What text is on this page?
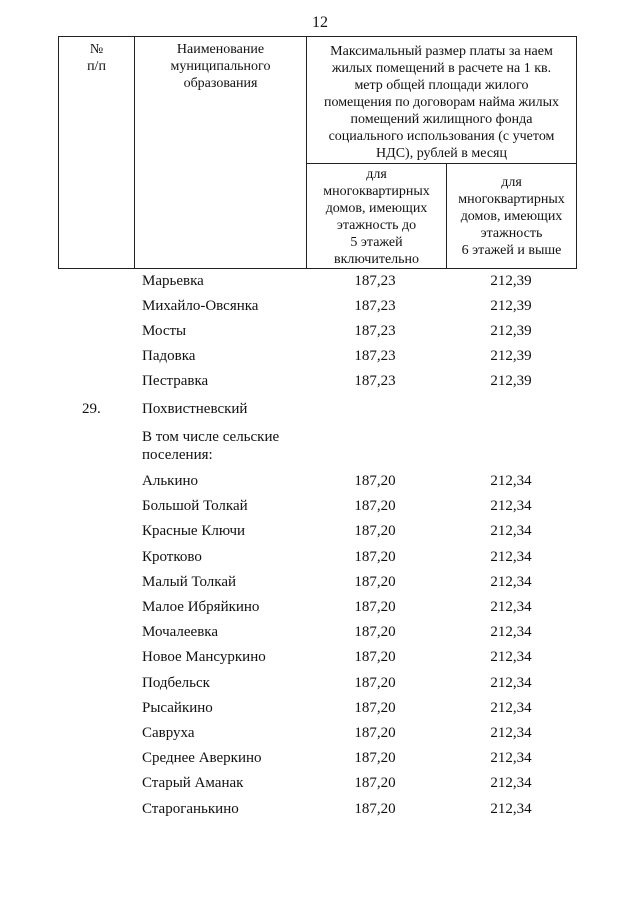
12
№
п/п
Наименование
муниципального
образования
Максимальный размер платы за наем
жилых помещений в расчете на 1 кв.
метр общей площади жилого
помещения по договорам найма жилых
помещений жилищного фонда
социального использования (с учетом
НДС), рублей в месяц
для
многоквартирных
домов, имеющих
этажность до
5 этажей
включительно
для
многоквартирных
домов, имеющих
этажность
6 этажей и выше
Марьевка	187,23	212,39
Михайло-Овсянка	187,23	212,39
Мосты	187,23	212,39
Падовка	187,23	212,39
Пестравка	187,23	212,39
29.	Похвистневский
В том числе сельские
поселения:
Алькино	187,20	212,34
Большой Толкай	187,20	212,34
Красные Ключи	187,20	212,34
Кротково	187,20	212,34
Малый Толкай	187,20	212,34
Малое Ибряйкино	187,20	212,34
Мочалеевка	187,20	212,34
Новое Мансуркино	187,20	212,34
Подбельск	187,20	212,34
Рысайкино	187,20	212,34
Савруха	187,20	212,34
Среднее Аверкино	187,20	212,34
Старый Аманак	187,20	212,34
Староганькино	187,20	212,34
